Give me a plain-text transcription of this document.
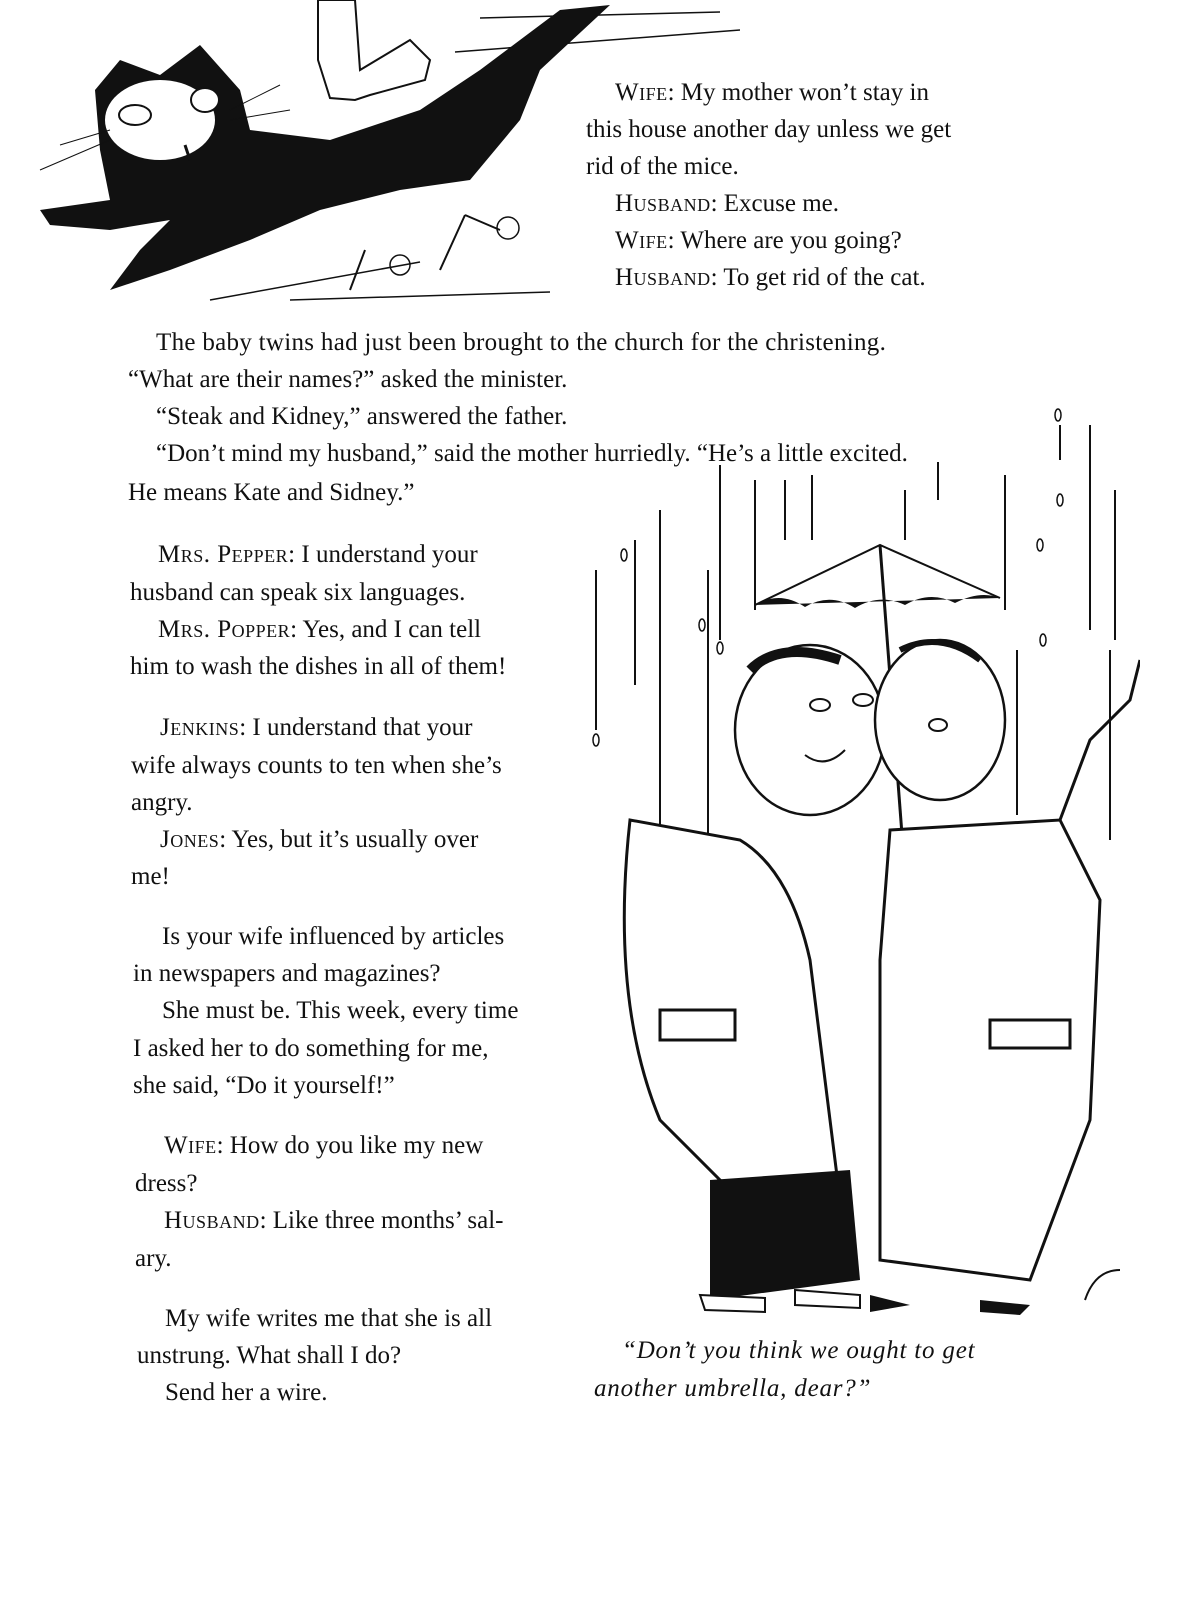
Wife: My mother won’t stay in
this house another day unless we get
rid of the mice.
Husband: Excuse me.
Wife: Where are you going?
Husband: To get rid of the cat.
The baby twins had just been brought to the church for the christening.
“What are their names?” asked the minister.
“Steak and Kidney,” answered the father.
“Don’t mind my husband,” said the mother hurriedly. “He’s a little excited.
He means Kate and Sidney.”
Mrs. Pepper: I understand your
husband can speak six languages.
Mrs. Popper: Yes, and I can tell
him to wash the dishes in all of them!
Jenkins: I understand that your
wife always counts to ten when she’s
angry.
Jones: Yes, but it’s usually over
me!
Is your wife influenced by articles
in newspapers and magazines?
She must be. This week, every time
I asked her to do something for me,
she said, “Do it yourself!”
Wife: How do you like my new
dress?
Husband: Like three months’ sal-
ary.
My wife writes me that she is all
unstrung. What shall I do?
Send her a wire.
“Don’t you think we ought to get
another umbrella, dear?”
